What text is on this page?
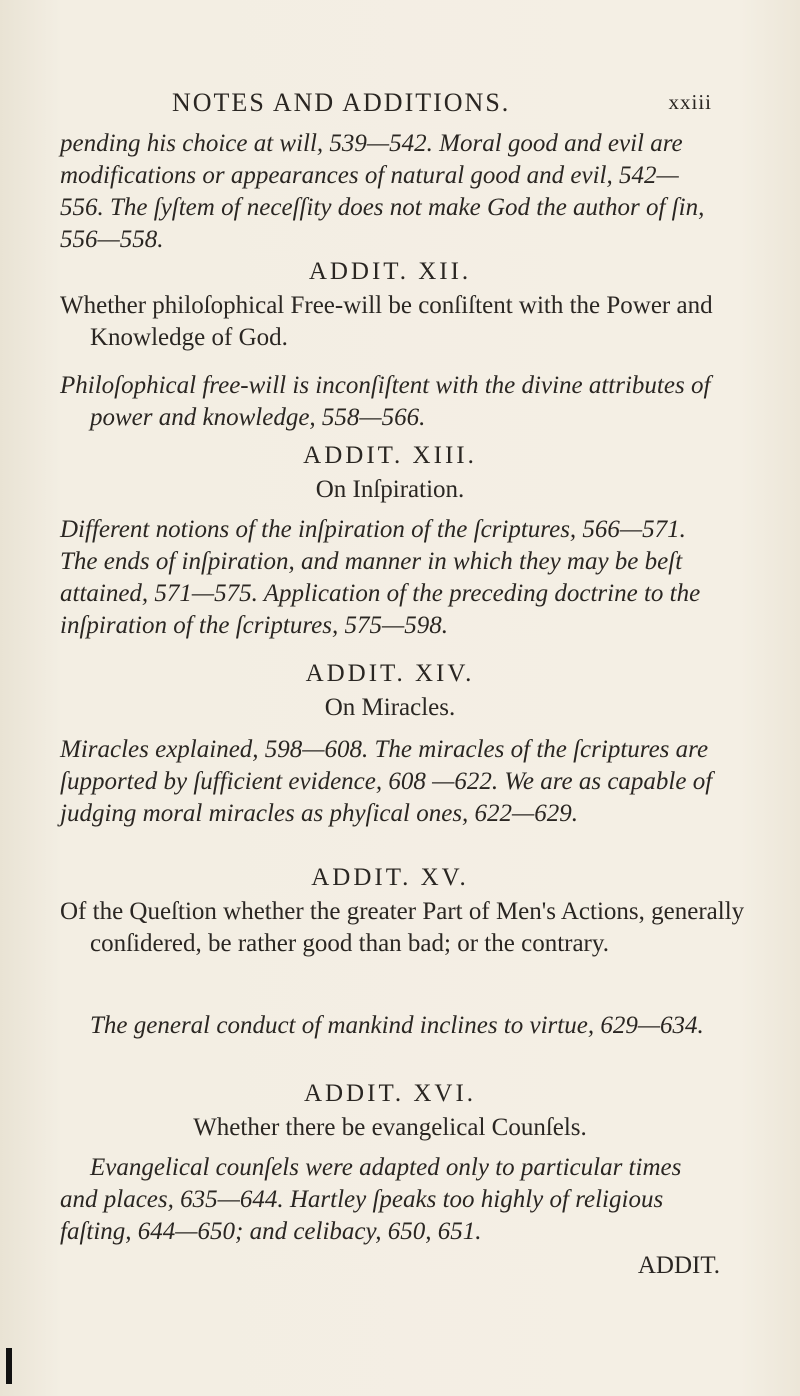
NOTES AND ADDITIONS.	xxiii
pending his choice at will, 539—542. Moral good and evil are modifications or appearances of natural good and evil, 542—556. The ſyſtem of neceſſity does not make God the author of ſin, 556—558.
ADDIT. XII.
Whether philoſophical Free-will be conſiſtent with the Power and Knowledge of God.
Philoſophical free-will is inconſiſtent with the divine attributes of power and knowledge, 558—566.
ADDIT. XIII.
On Inſpiration.
Different notions of the inſpiration of the ſcriptures, 566—571. The ends of inſpiration, and manner in which they may be beſt attained, 571—575. Application of the preceding doctrine to the inſpiration of the ſcriptures, 575—598.
ADDIT. XIV.
On Miracles.
Miracles explained, 598—608. The miracles of the ſcriptures are ſupported by ſufficient evidence, 608 —622. We are as capable of judging moral miracles as phyſical ones, 622—629.
ADDIT. XV.
Of the Queſtion whether the greater Part of Men's Actions, generally conſidered, be rather good than bad; or the contrary.
The general conduct of mankind inclines to virtue, 629—634.
ADDIT. XVI.
Whether there be evangelical Counſels.
Evangelical counſels were adapted only to particular times and places, 635—644. Hartley ſpeaks too highly of religious faſting, 644—650; and celibacy, 650, 651.
ADDIT.
